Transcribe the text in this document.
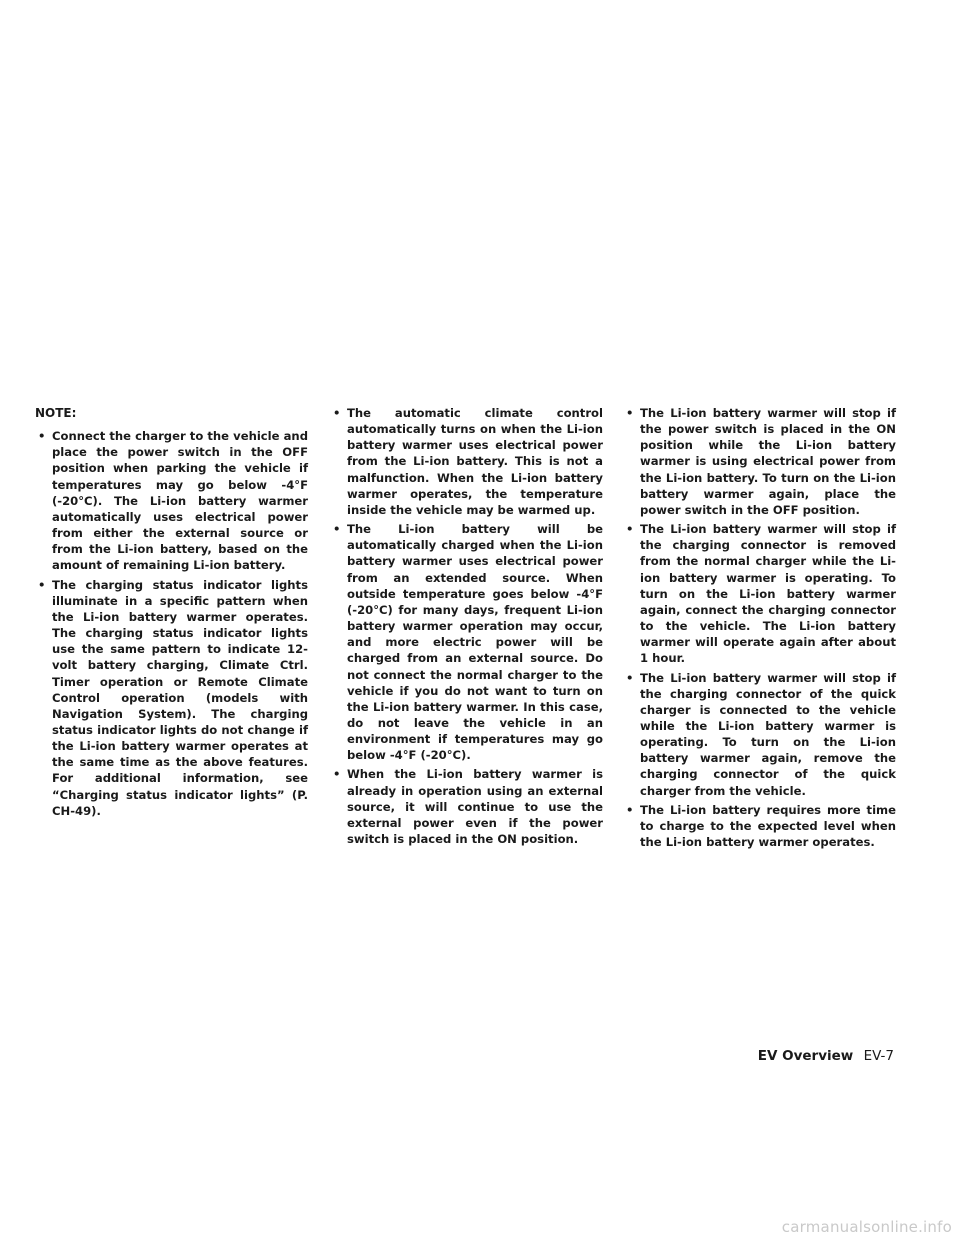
NOTE:
• Connect the charger to the vehicle and place the power switch in the OFF position when parking the vehicle if temperatures may go below -4°F (-20°C). The Li-ion battery warmer automatically uses electrical power from either the external source or from the Li-ion battery, based on the amount of remaining Li-ion battery.
• The charging status indicator lights illuminate in a specific pattern when the Li-ion battery warmer operates. The charging status indicator lights use the same pattern to indicate 12-volt battery charging, Climate Ctrl. Timer operation or Remote Climate Control operation (models with Navigation System). The charging status indicator lights do not change if the Li-ion battery warmer operates at the same time as the above features. For additional information, see “Charging status indicator lights” (P. CH-49).
• The automatic climate control automatically turns on when the Li-ion battery warmer uses electrical power from the Li-ion battery. This is not a malfunction. When the Li-ion battery warmer operates, the temperature inside the vehicle may be warmed up.
• The Li-ion battery will be automatically charged when the Li-ion battery warmer uses electrical power from an extended source. When outside temperature goes below -4°F (-20°C) for many days, frequent Li-ion battery warmer operation may occur, and more electric power will be charged from an external source. Do not connect the normal charger to the vehicle if you do not want to turn on the Li-ion battery warmer. In this case, do not leave the vehicle in an environment if temperatures may go below -4°F (-20°C).
• When the Li-ion battery warmer is already in operation using an external source, it will continue to use the external power even if the power switch is placed in the ON position.
• The Li-ion battery warmer will stop if the power switch is placed in the ON position while the Li-ion battery warmer is using electrical power from the Li-ion battery. To turn on the Li-ion battery warmer again, place the power switch in the OFF position.
• The Li-ion battery warmer will stop if the charging connector is removed from the normal charger while the Li-ion battery warmer is operating. To turn on the Li-ion battery warmer again, connect the charging connector to the vehicle. The Li-ion battery warmer will operate again after about 1 hour.
• The Li-ion battery warmer will stop if the charging connector of the quick charger is connected to the vehicle while the Li-ion battery warmer is operating. To turn on the Li-ion battery warmer again, remove the charging connector of the quick charger from the vehicle.
• The Li-ion battery requires more time to charge to the expected level when the Li-ion battery warmer operates.
EV Overview EV-7
carmanualsonline.info
